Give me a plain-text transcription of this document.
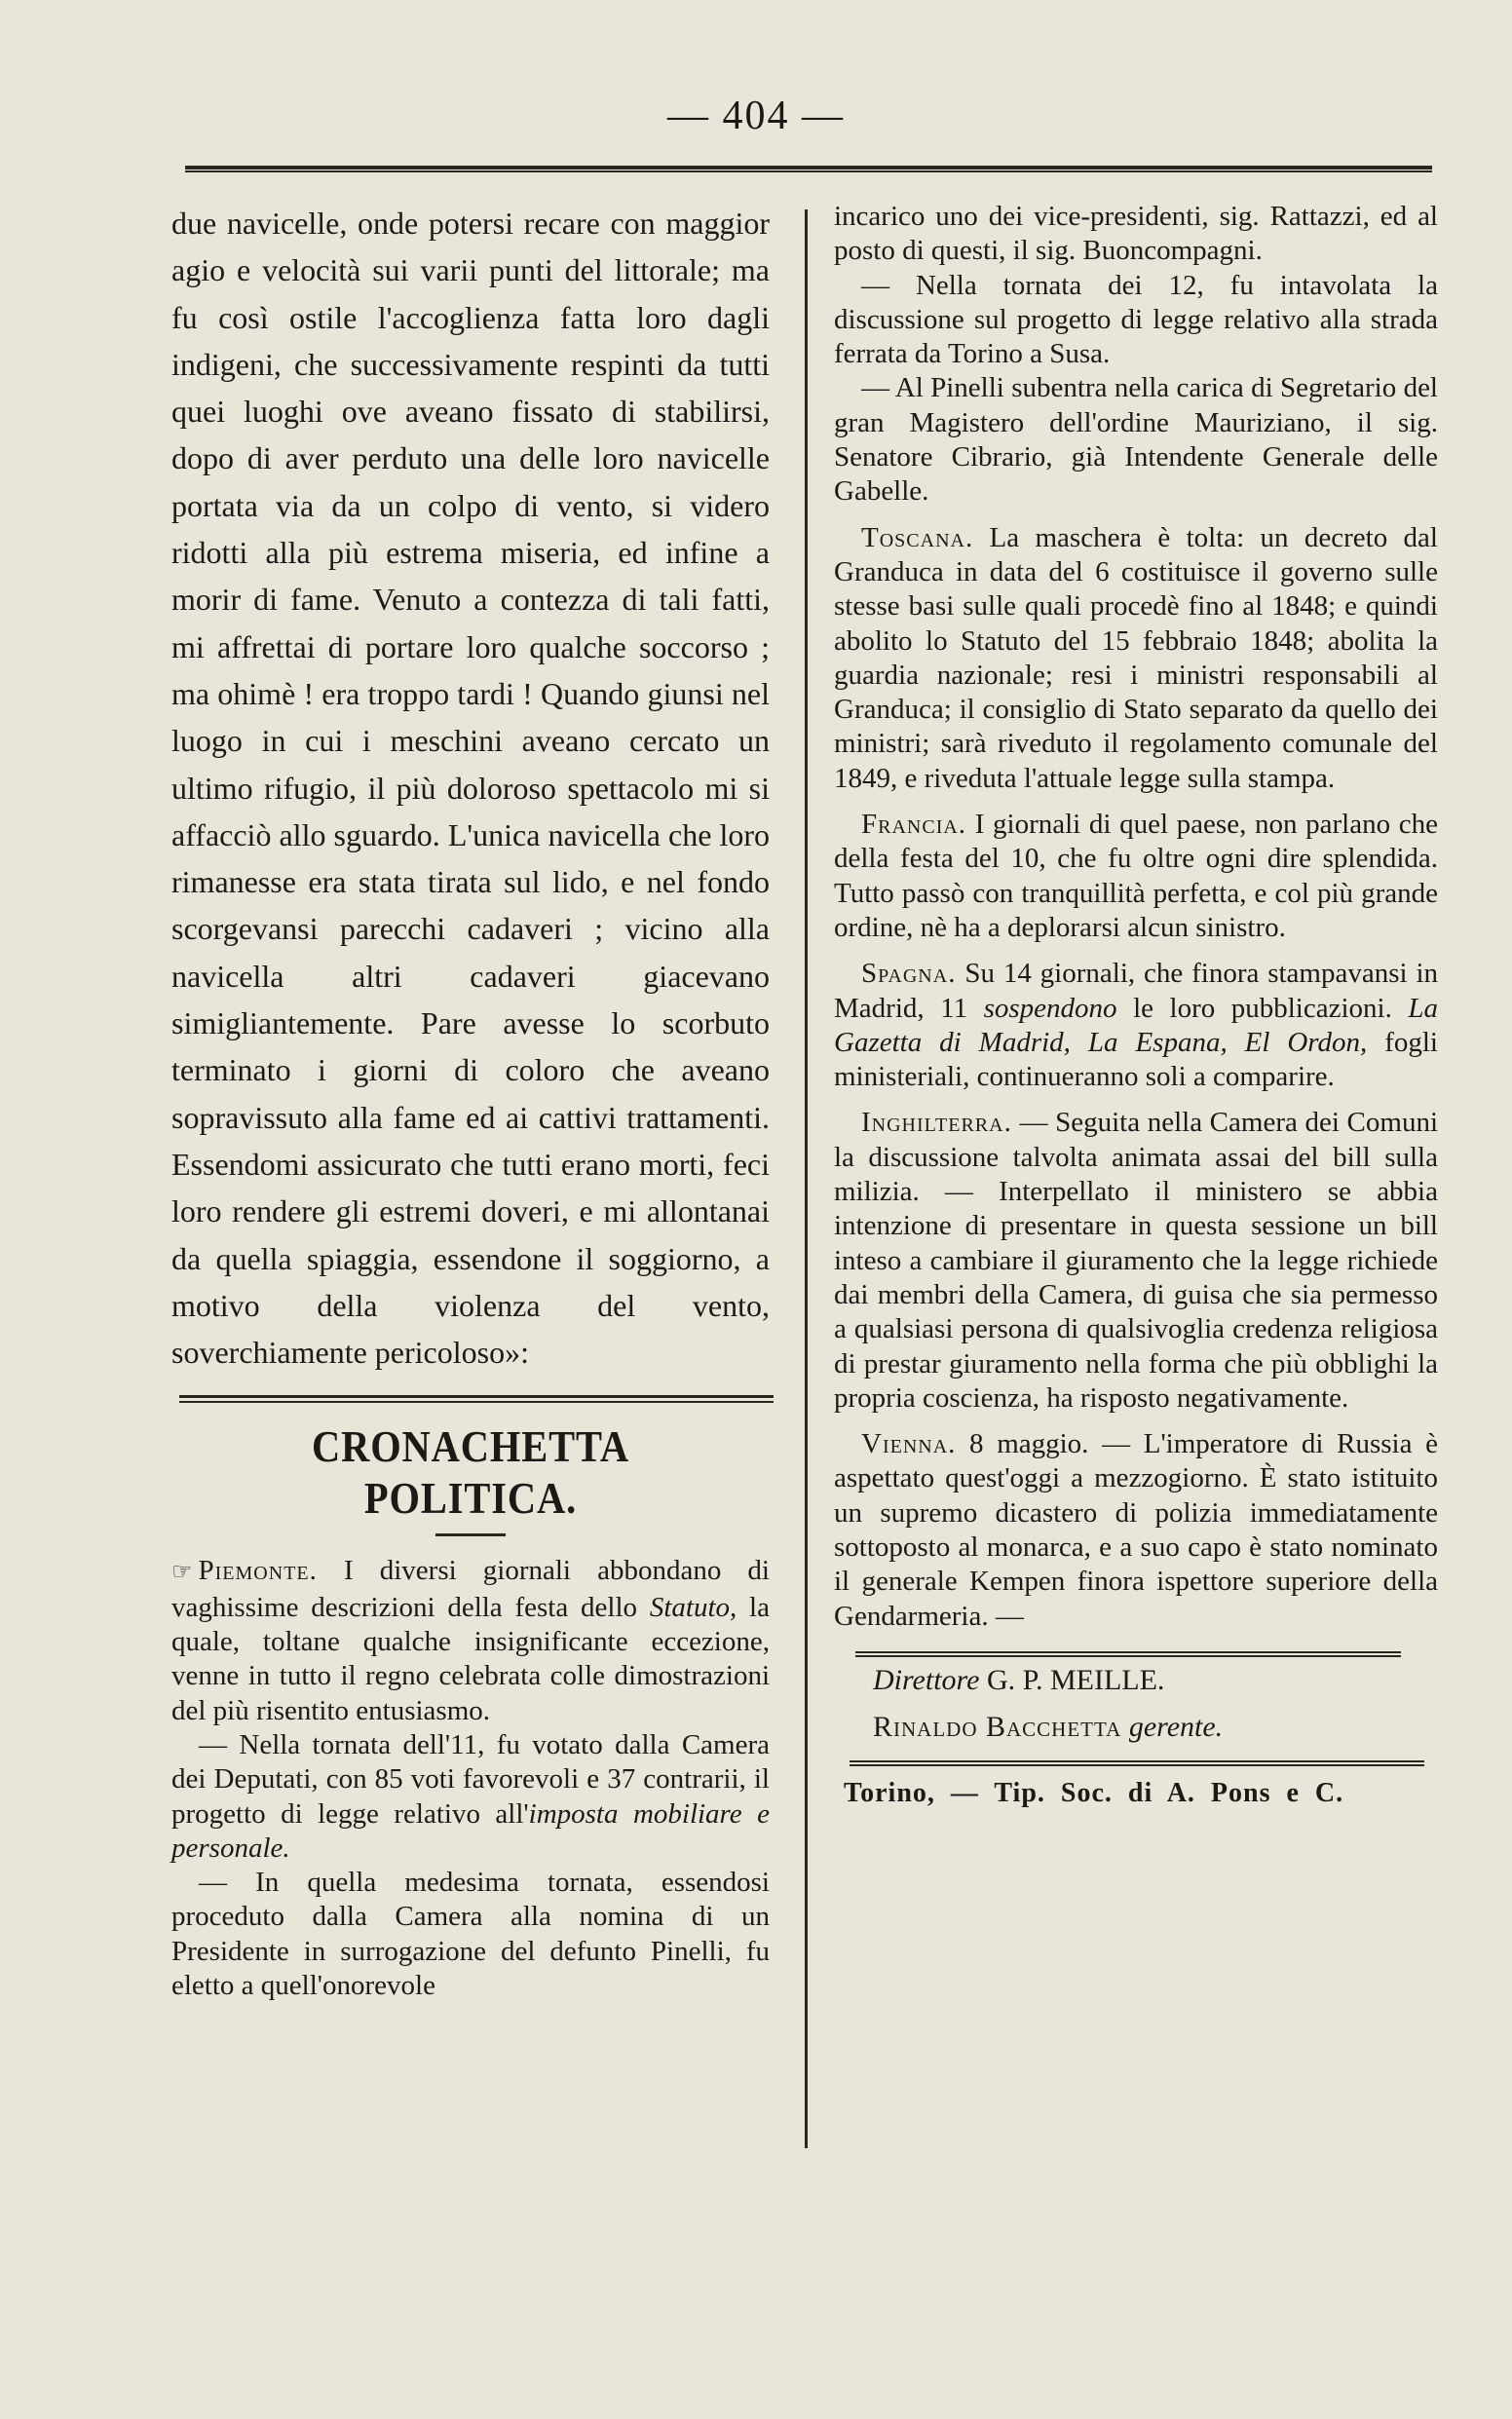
— 404 —

due navicelle, onde potersi recare con maggior agio e velocità sui varii punti del littorale; ma fu così ostile l'accoglienza fatta loro dagli indigeni, che successivamente respinti da tutti quei luoghi ove aveano fissato di stabilirsi, dopo di aver perduto una delle loro navicelle portata via da un colpo di vento, si videro ridotti alla più estrema miseria, ed infine a morir di fame. Venuto a contezza di tali fatti, mi affrettai di portare loro qualche soccorso ; ma ohimè ! era troppo tardi ! Quando giunsi nel luogo in cui i meschini aveano cercato un ultimo rifugio, il più doloroso spettacolo mi si affacciò allo sguardo. L'unica navicella che loro rimanesse era stata tirata sul lido, e nel fondo scorgevansi parecchi cadaveri ; vicino alla navicella altri cadaveri giacevano simigliantemente. Pare avesse lo scorbuto terminato i giorni di coloro che aveano sopravissuto alla fame ed ai cattivi trattamenti. Essendomi assicurato che tutti erano morti, feci loro rendere gli estremi doveri, e mi allontanai da quella spiaggia, essendone il soggiorno, a motivo della violenza del vento, soverchiamente pericoloso»:

CRONACHETTA POLITICA.

☞ Piemonte. I diversi giornali abbondano di vaghissime descrizioni della festa dello Statuto, la quale, toltane qualche insignificante eccezione, venne in tutto il regno celebrata colle dimostrazioni del più risentito entusiasmo.

— Nella tornata dell'11, fu votato dalla Camera dei Deputati, con 85 voti favorevoli e 37 contrarii, il progetto di legge relativo all'imposta mobiliare e personale.

— In quella medesima tornata, essendosi proceduto dalla Camera alla nomina di un Presidente in surrogazione del defunto Pinelli, fu eletto a quell'onorevole

incarico uno dei vice-presidenti, sig. Rattazzi, ed al posto di questi, il sig. Buoncompagni.

— Nella tornata dei 12, fu intavolata la discussione sul progetto di legge relativo alla strada ferrata da Torino a Susa.

— Al Pinelli subentra nella carica di Segretario del gran Magistero dell'ordine Mauriziano, il sig. Senatore Cibrario, già Intendente Generale delle Gabelle.

Toscana. La maschera è tolta: un decreto dal Granduca in data del 6 costituisce il governo sulle stesse basi sulle quali procedè fino al 1848; e quindi abolito lo Statuto del 15 febbraio 1848; abolita la guardia nazionale; resi i ministri responsabili al Granduca; il consiglio di Stato separato da quello dei ministri; sarà riveduto il regolamento comunale del 1849, e riveduta l'attuale legge sulla stampa.

Francia. I giornali di quel paese, non parlano che della festa del 10, che fu oltre ogni dire splendida. Tutto passò con tranquillità perfetta, e col più grande ordine, nè ha a deplorarsi alcun sinistro.

Spagna. Su 14 giornali, che finora stampavansi in Madrid, 11 sospendono le loro pubblicazioni. La Gazetta di Madrid, La Espana, El Ordon, fogli ministeriali, continueranno soli a comparire.

Inghilterra. — Seguita nella Camera dei Comuni la discussione talvolta animata assai del bill sulla milizia. — Interpellato il ministero se abbia intenzione di presentare in questa sessione un bill inteso a cambiare il giuramento che la legge richiede dai membri della Camera, di guisa che sia permesso a qualsiasi persona di qualsivoglia credenza religiosa di prestar giuramento nella forma che più obblighi la propria coscienza, ha risposto negativamente.

Vienna. 8 maggio. — L'imperatore di Russia è aspettato quest'oggi a mezzogiorno. È stato istituito un supremo dicastero di polizia immediatamente sottoposto al monarca, e a suo capo è stato nominato il generale Kempen finora ispettore superiore della Gendarmeria. —

Direttore G. P. MEILLE.

Rinaldo Bacchetta gerente.

Torino, — Tip. Soc. di A. Pons e C.
